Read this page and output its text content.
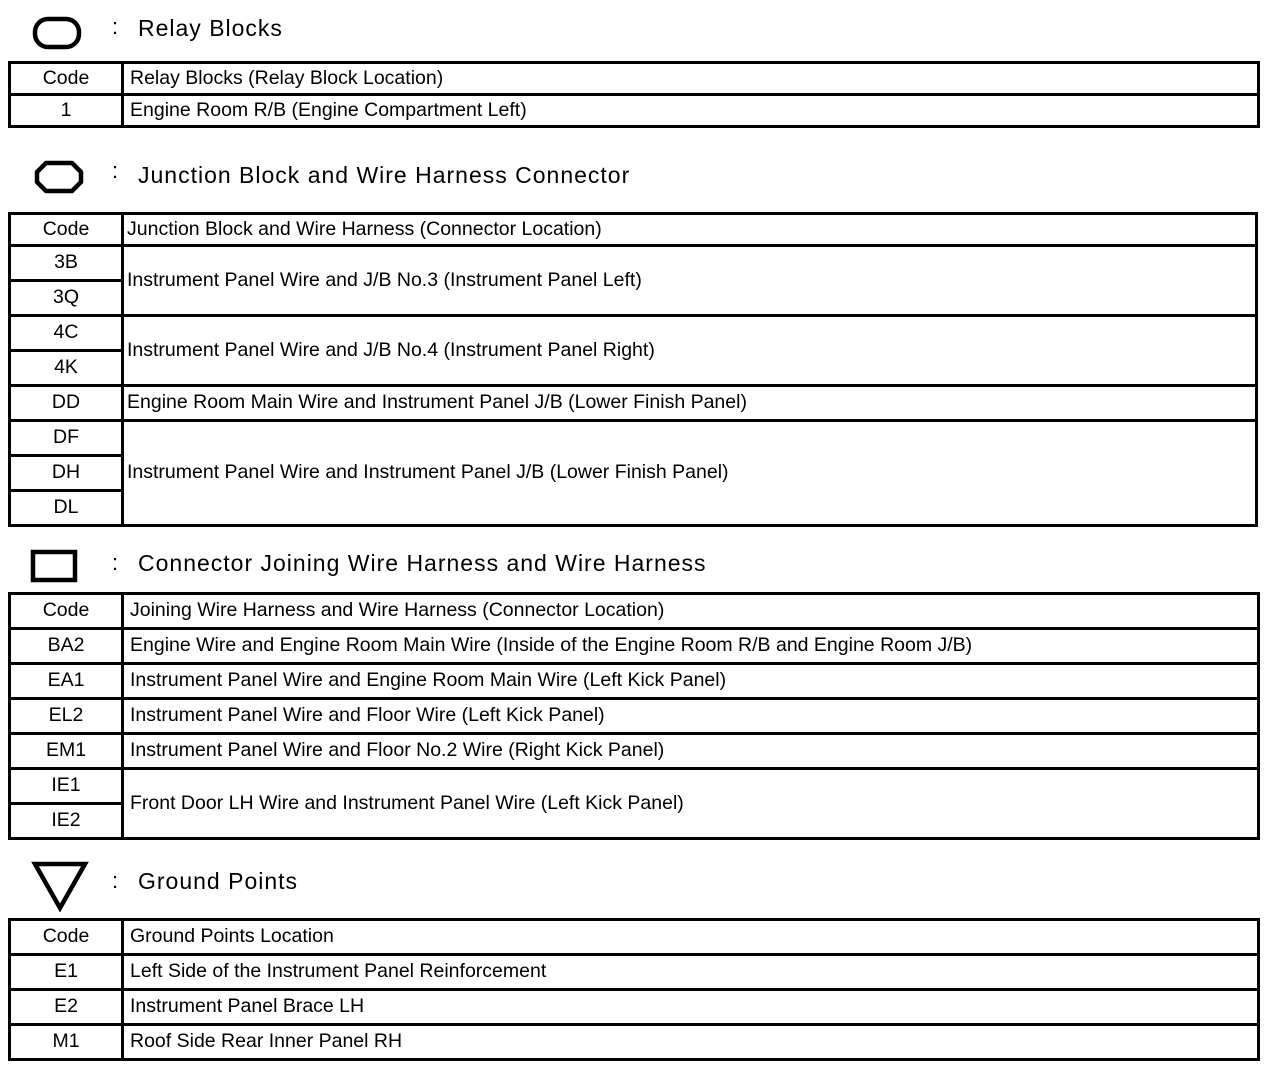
: Relay Blocks
Code	Relay Blocks (Relay Block Location)
1	Engine Room R/B (Engine Compartment Left)
: Junction Block and Wire Harness Connector
Code	Junction Block and Wire Harness (Connector Location)
3B	Instrument Panel Wire and J/B No.3 (Instrument Panel Left)
3Q	
4C	Instrument Panel Wire and J/B No.4 (Instrument Panel Right)
4K	
DD	Engine Room Main Wire and Instrument Panel J/B (Lower Finish Panel)
DF	Instrument Panel Wire and Instrument Panel J/B (Lower Finish Panel)
DH	
DL	
: Connector Joining Wire Harness and Wire Harness
Code	Joining Wire Harness and Wire Harness (Connector Location)
BA2	Engine Wire and Engine Room Main Wire (Inside of the Engine Room R/B and Engine Room J/B)
EA1	Instrument Panel Wire and Engine Room Main Wire (Left Kick Panel)
EL2	Instrument Panel Wire and Floor Wire (Left Kick Panel)
EM1	Instrument Panel Wire and Floor No.2 Wire (Right Kick Panel)
IE1	Front Door LH Wire and Instrument Panel Wire (Left Kick Panel)
IE2	
: Ground Points
Code	Ground Points Location
E1	Left Side of the Instrument Panel Reinforcement
E2	Instrument Panel Brace LH
M1	Roof Side Rear Inner Panel RH
